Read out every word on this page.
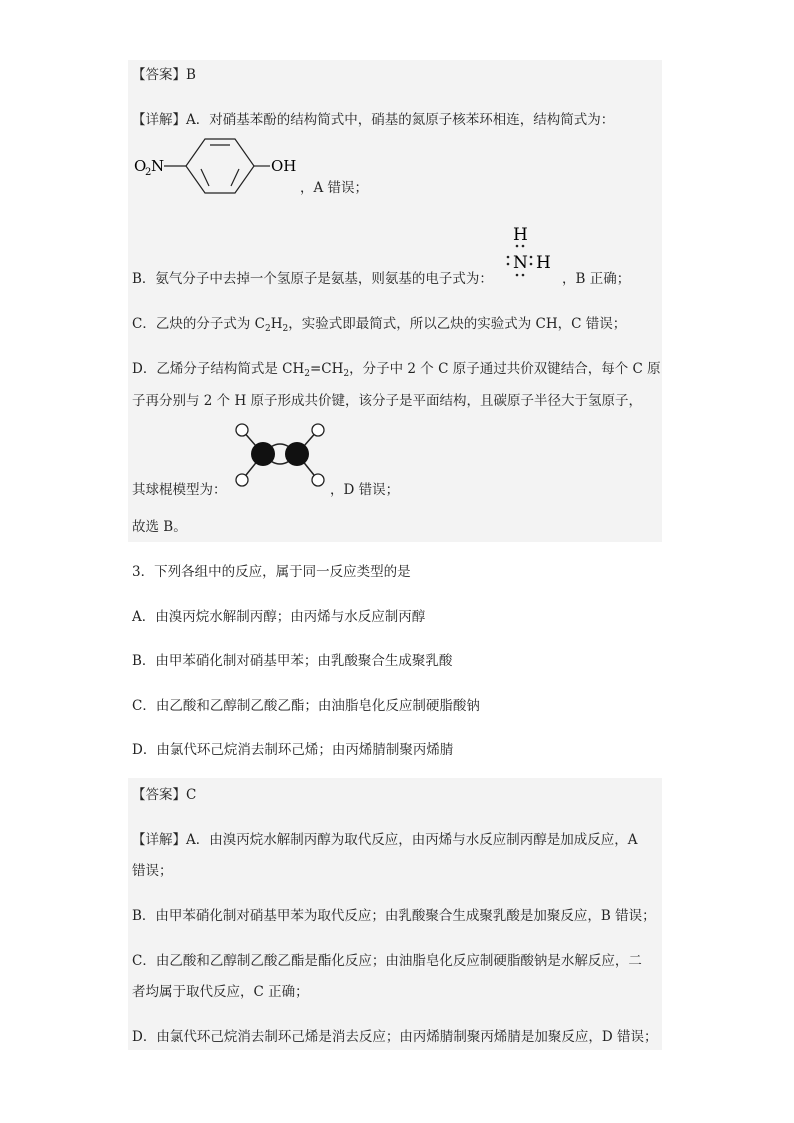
【答案】B
【详解】A．对硝基苯酚的结构简式中，硝基的氮原子核苯环相连，结构简式为：
O
2 N	OH
，A 错误；
B．氨气分子中去掉一个氢原子是氨基，则氨基的电子式为：
H
N H
，B 正确；
C．乙炔的分子式为 $C_2H_2$，实验式即最简式，所以乙炔的实验式为 CH，C 错误；
D．乙烯分子结构简式是 $CH_2=CH_2$，分子中 2 个 C 原子通过共价双键结合，每个 C 原
子再分别与 2 个 H 原子形成共价键，该分子是平面结构，且碳原子半径大于氢原子，
其球棍模型为：	，D 错误；
故选 B。
3．下列各组中的反应，属于同一反应类型的是
A．由溴丙烷水解制丙醇；由丙烯与水反应制丙醇
B．由甲苯硝化制对硝基甲苯；由乳酸聚合生成聚乳酸
C．由乙酸和乙醇制乙酸乙酯；由油脂皂化反应制硬脂酸钠
D．由氯代环己烷消去制环己烯；由丙烯腈制聚丙烯腈
【答案】C
【详解】A．由溴丙烷水解制丙醇为取代反应，由丙烯与水反应制丙醇是加成反应，A
错误；
B．由甲苯硝化制对硝基甲苯为取代反应；由乳酸聚合生成聚乳酸是加聚反应，B 错误；
C．由乙酸和乙醇制乙酸乙酯是酯化反应；由油脂皂化反应制硬脂酸钠是水解反应，二
者均属于取代反应，C 正确；
D．由氯代环己烷消去制环己烯是消去反应；由丙烯腈制聚丙烯腈是加聚反应，D 错误；
